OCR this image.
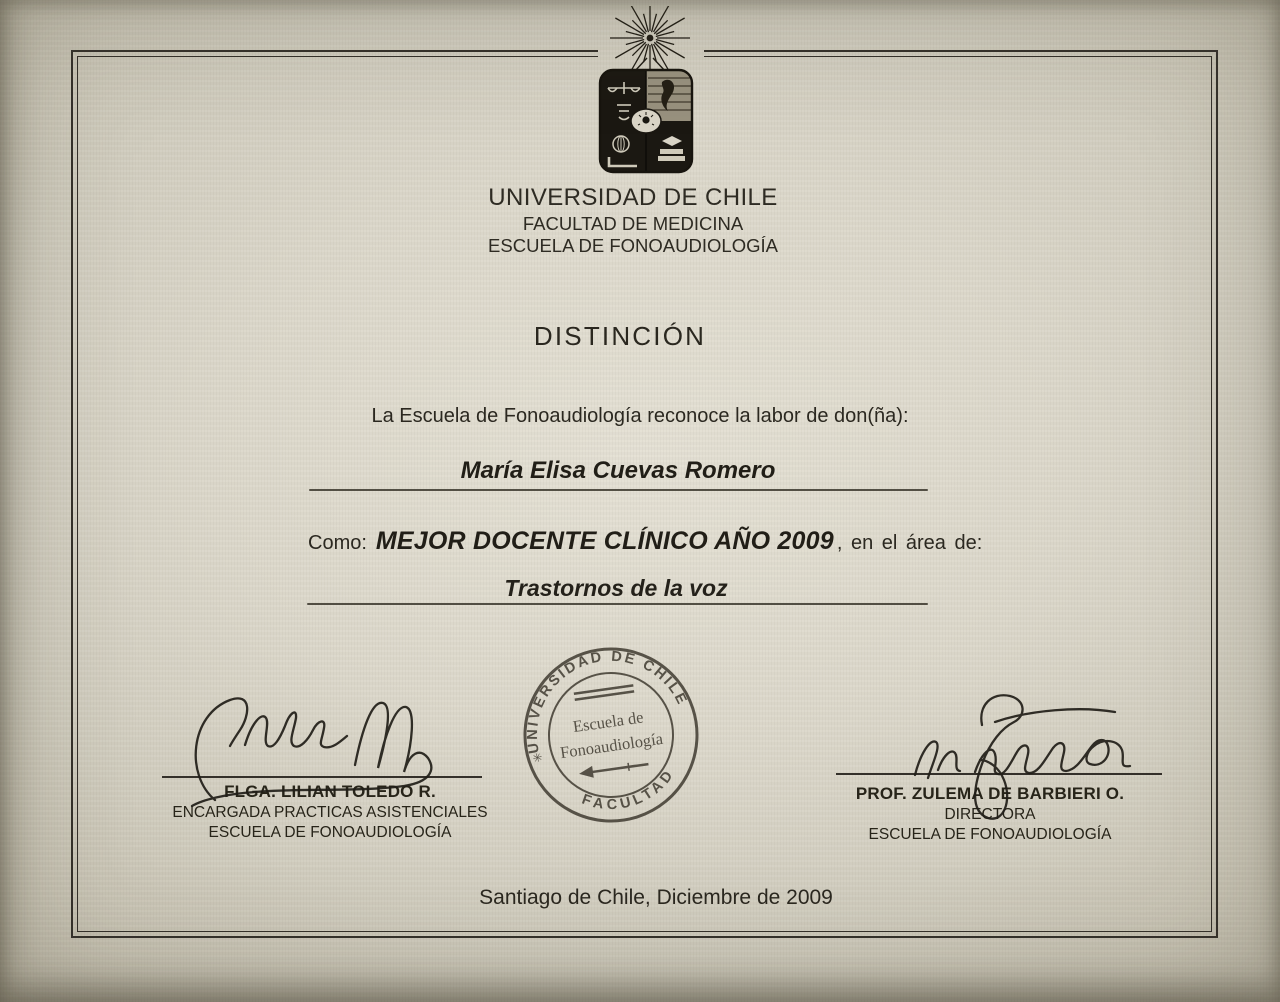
UNIVERSIDAD DE CHILE
FACULTAD DE MEDICINA
ESCUELA DE FONOAUDIOLOGÍA
DISTINCIÓN
La Escuela de Fonoaudiología reconoce la labor de don(ña):
María Elisa Cuevas Romero
Como: MEJOR DOCENTE CLÍNICO AÑO 2009 , en el área de:
Trastornos de la voz
UNIVERSIDAD DE CHILE
FACULTAD
✳
Escuela de
Fonoaudiología
FLGA. LILIAN TOLEDO R.
ENCARGADA PRACTICAS ASISTENCIALES
ESCUELA DE FONOAUDIOLOGÍA
PROF. ZULEMA DE BARBIERI O.
DIRECTORA
ESCUELA DE FONOAUDIOLOGÍA
Santiago de Chile, Diciembre de 2009
